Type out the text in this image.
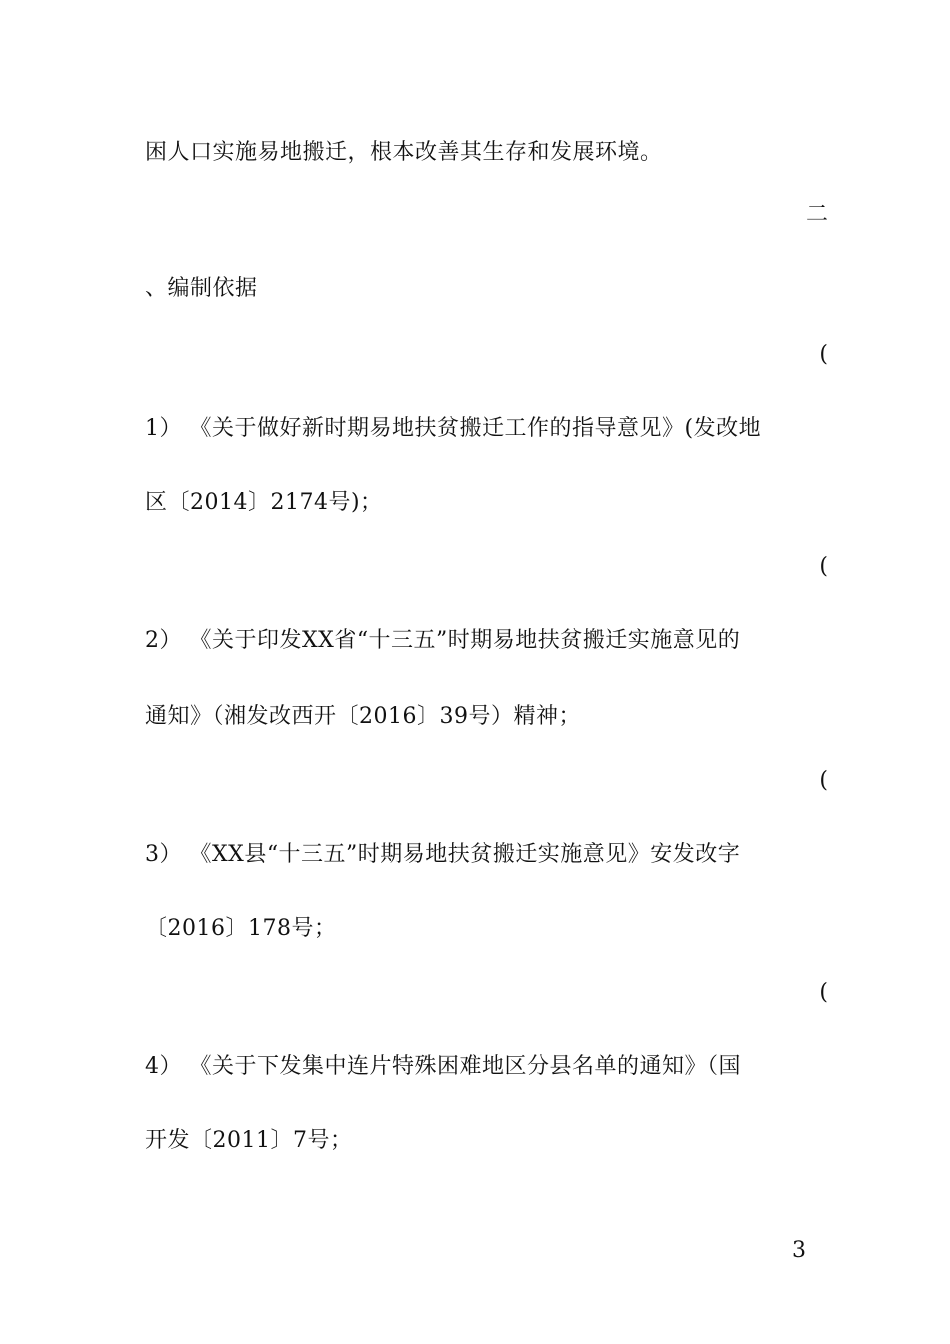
困人口实施易地搬迁，根本改善其生存和发展环境。
二
、编制依据
(
1） 《关于做好新时期易地扶贫搬迁工作的指导意见》(发改地
区〔2014〕2174号)；
(
2） 《关于印发XX省“十三五”时期易地扶贫搬迁实施意见的
通知》（湘发改西开〔2016〕39号）精神；
(
3） 《XX县“十三五”时期易地扶贫搬迁实施意见》安发改字
〔2016〕178号；
(
4） 《关于下发集中连片特殊困难地区分县名单的通知》（国
开发〔2011〕7号；
3
